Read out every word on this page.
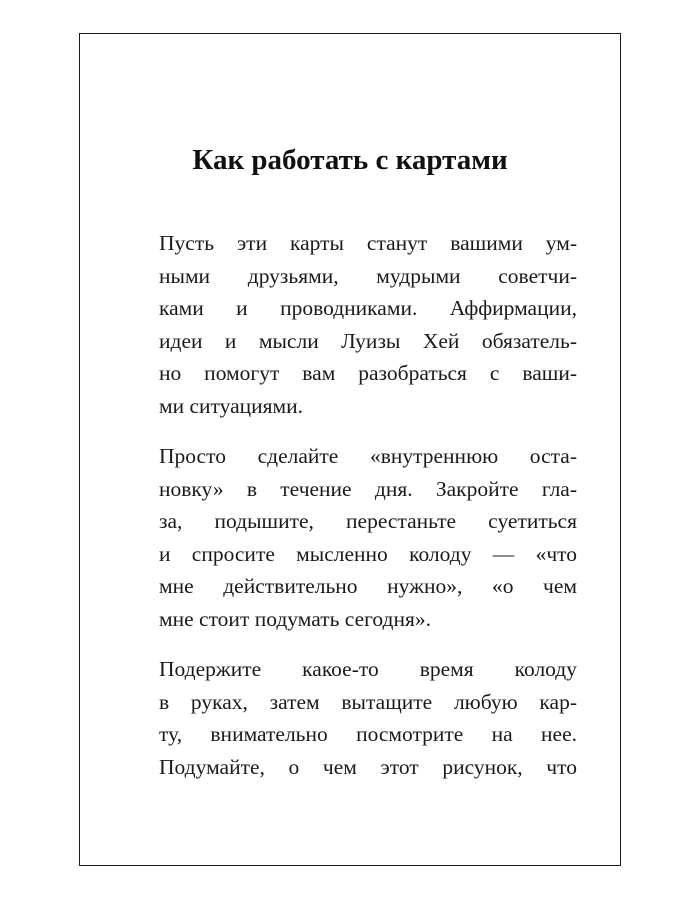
Как работать с картами

Пусть эти карты станут вашими ум-
ными друзьями, мудрыми советчи-
ками и проводниками. Аффирмации,
идеи и мысли Луизы Хей обязатель-
но помогут вам разобраться с ваши-
ми ситуациями.

Просто сделайте «внутреннюю оста-
новку» в течение дня. Закройте гла-
за, подышите, перестаньте суетиться
и спросите мысленно колоду — «что
мне действительно нужно», «о чем
мне стоит подумать сегодня».

Подержите какое-то время колоду
в руках, затем вытащите любую кар-
ту, внимательно посмотрите на нее.
Подумайте, о чем этот рисунок, что
